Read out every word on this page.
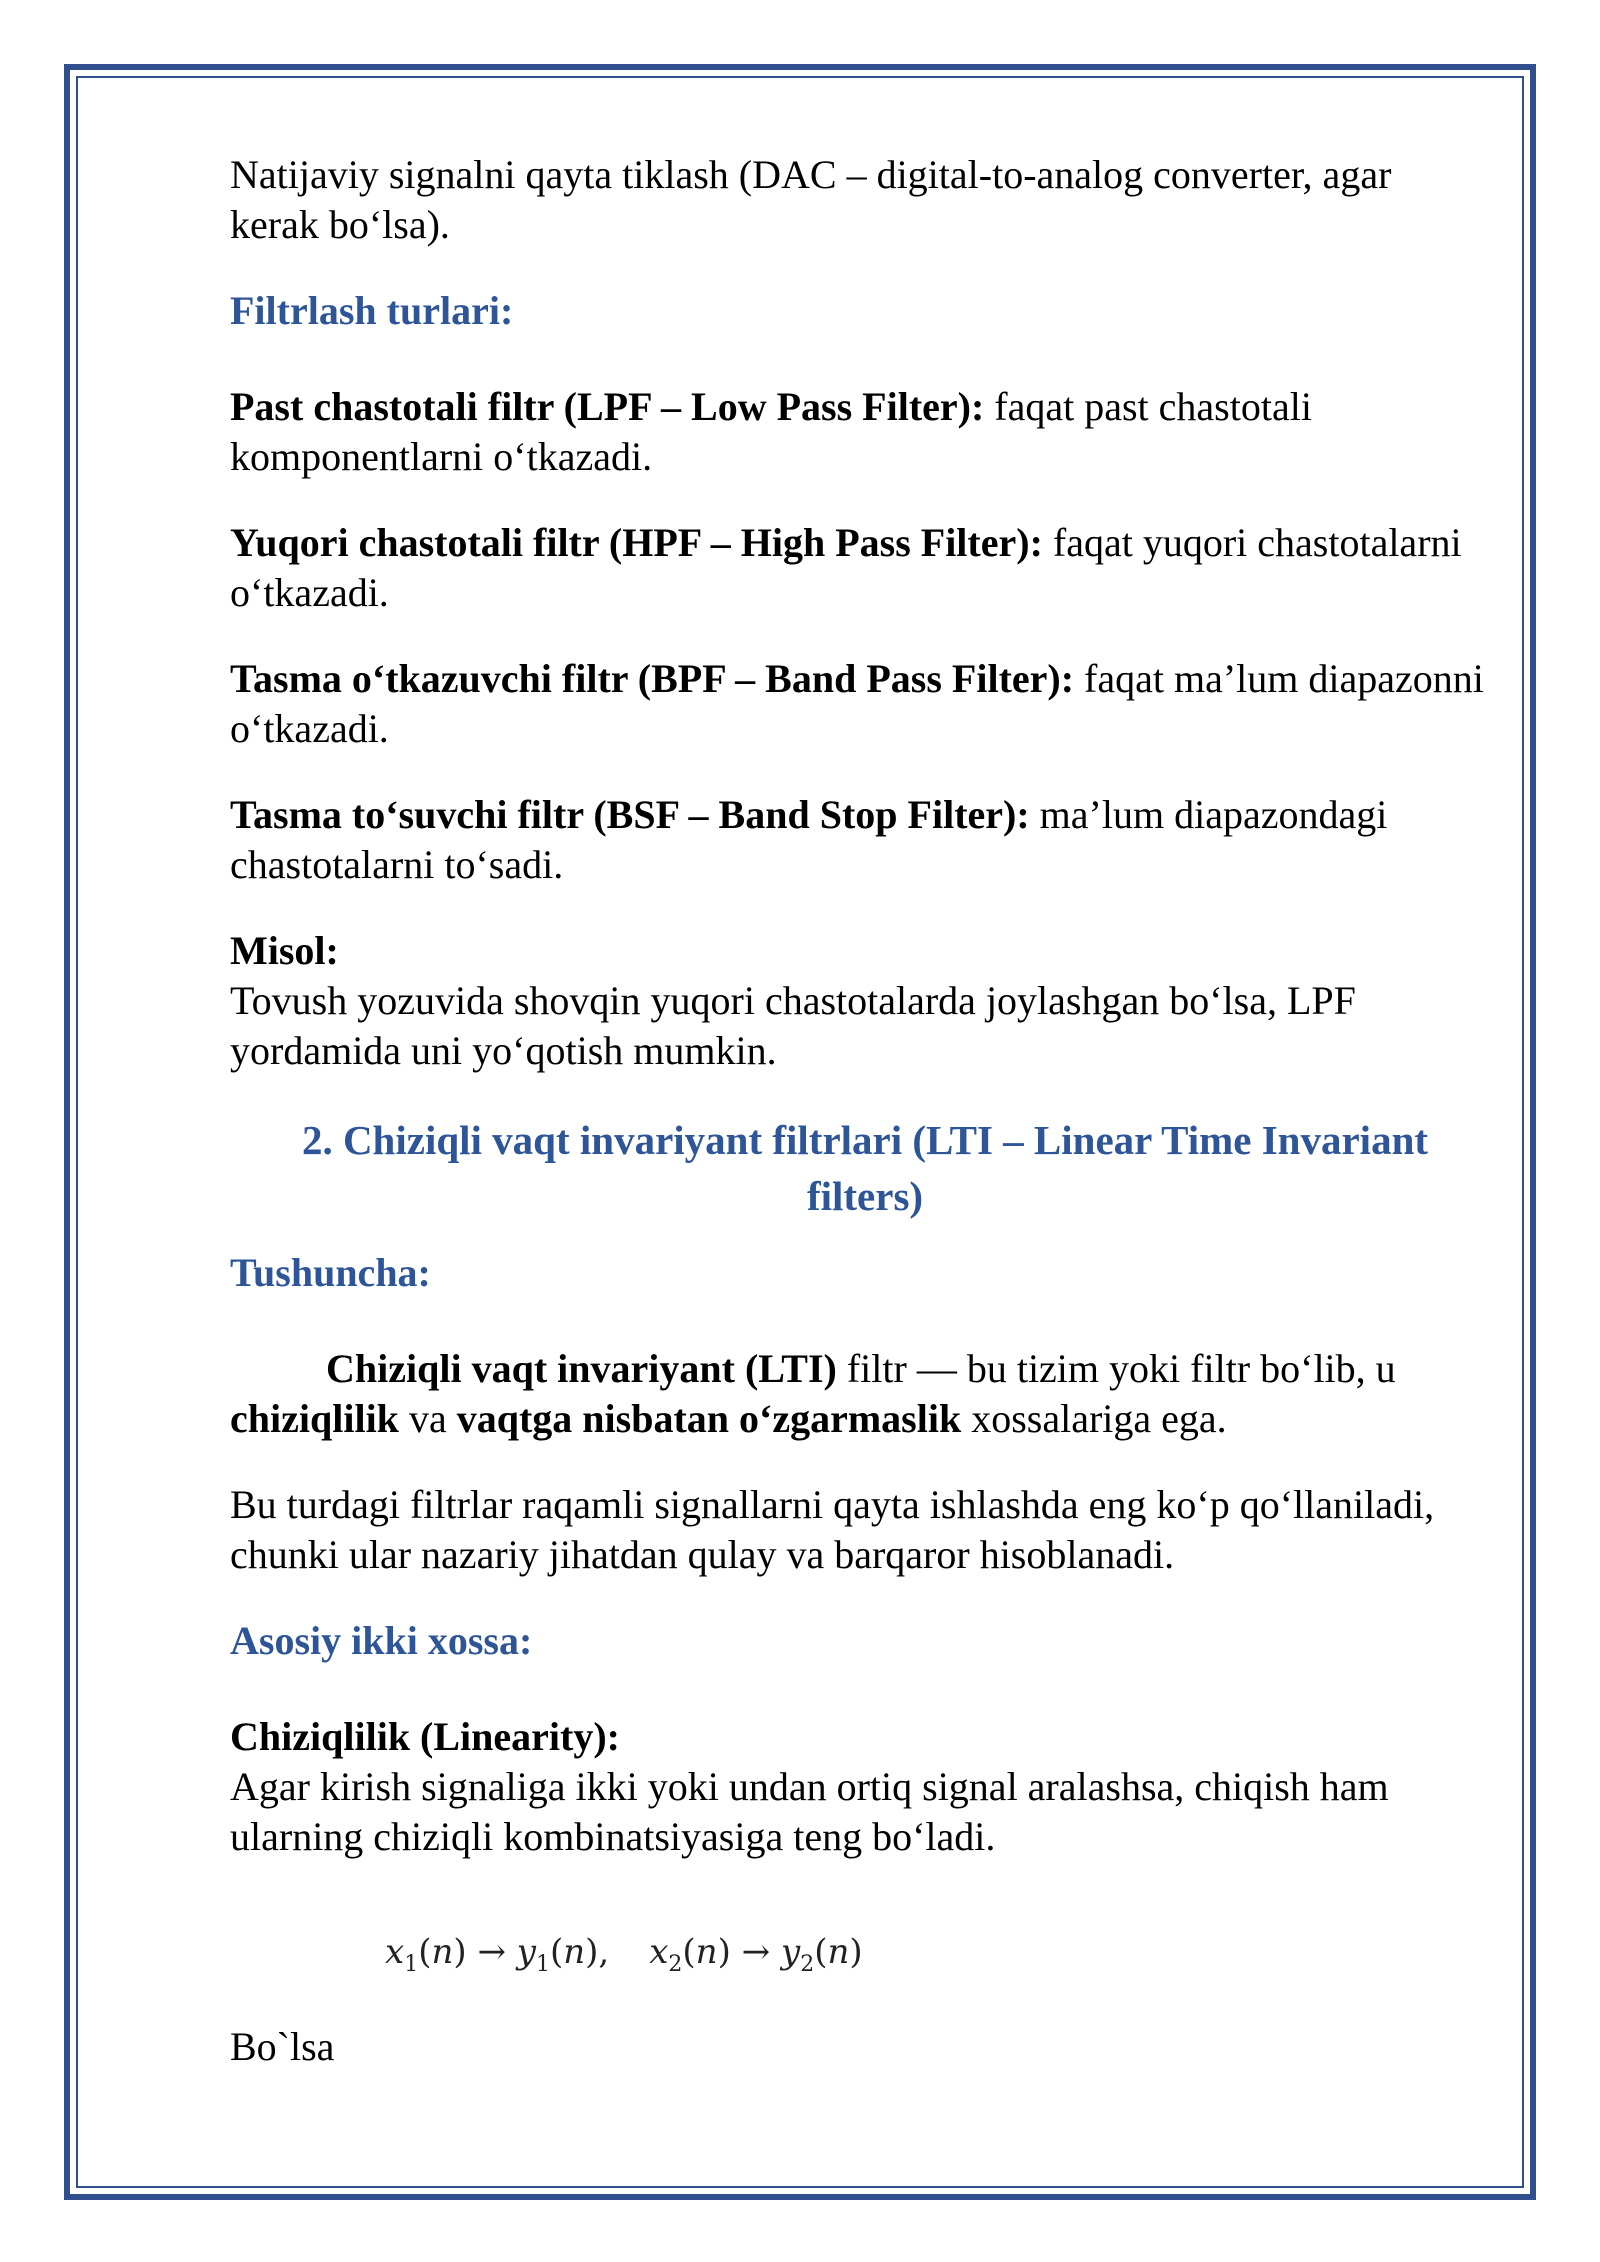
Natijaviy signalni qayta tiklash (DAC – digital-to-analog converter, agar kerak bo‘lsa).

Filtrlash turlari:

Past chastotali filtr (LPF – Low Pass Filter): faqat past chastotali komponentlarni o‘tkazadi.

Yuqori chastotali filtr (HPF – High Pass Filter): faqat yuqori chastotalarni o‘tkazadi.

Tasma o‘tkazuvchi filtr (BPF – Band Pass Filter): faqat ma’lum diapazonni o‘tkazadi.

Tasma to‘suvchi filtr (BSF – Band Stop Filter): ma’lum diapazondagi chastotalarni to‘sadi.

Misol:

Tovush yozuvida shovqin yuqori chastotalarda joylashgan bo‘lsa, LPF yordamida uni yo‘qotish mumkin.

2. Chiziqli vaqt invariyant filtrlari (LTI – Linear Time Invariant filters)

Tushuncha:

Chiziqli vaqt invariyant (LTI) filtr — bu tizim yoki filtr bo‘lib, u chiziqlilik va vaqtga nisbatan o‘zgarmaslik xossalariga ega.

Bu turdagi filtrlar raqamli signallarni qayta ishlashda eng ko‘p qo‘llaniladi, chunki ular nazariy jihatdan qulay va barqaror hisoblanadi.

Asosiy ikki xossa:

Chiziqlilik (Linearity):

Agar kirish signaliga ikki yoki undan ortiq signal aralashsa, chiqish ham ularning chiziqli kombinatsiyasiga teng bo‘ladi.

$x_1(n) \to y_1(n)$, $x_2(n) \to y_2(n)$

Bo`lsa
